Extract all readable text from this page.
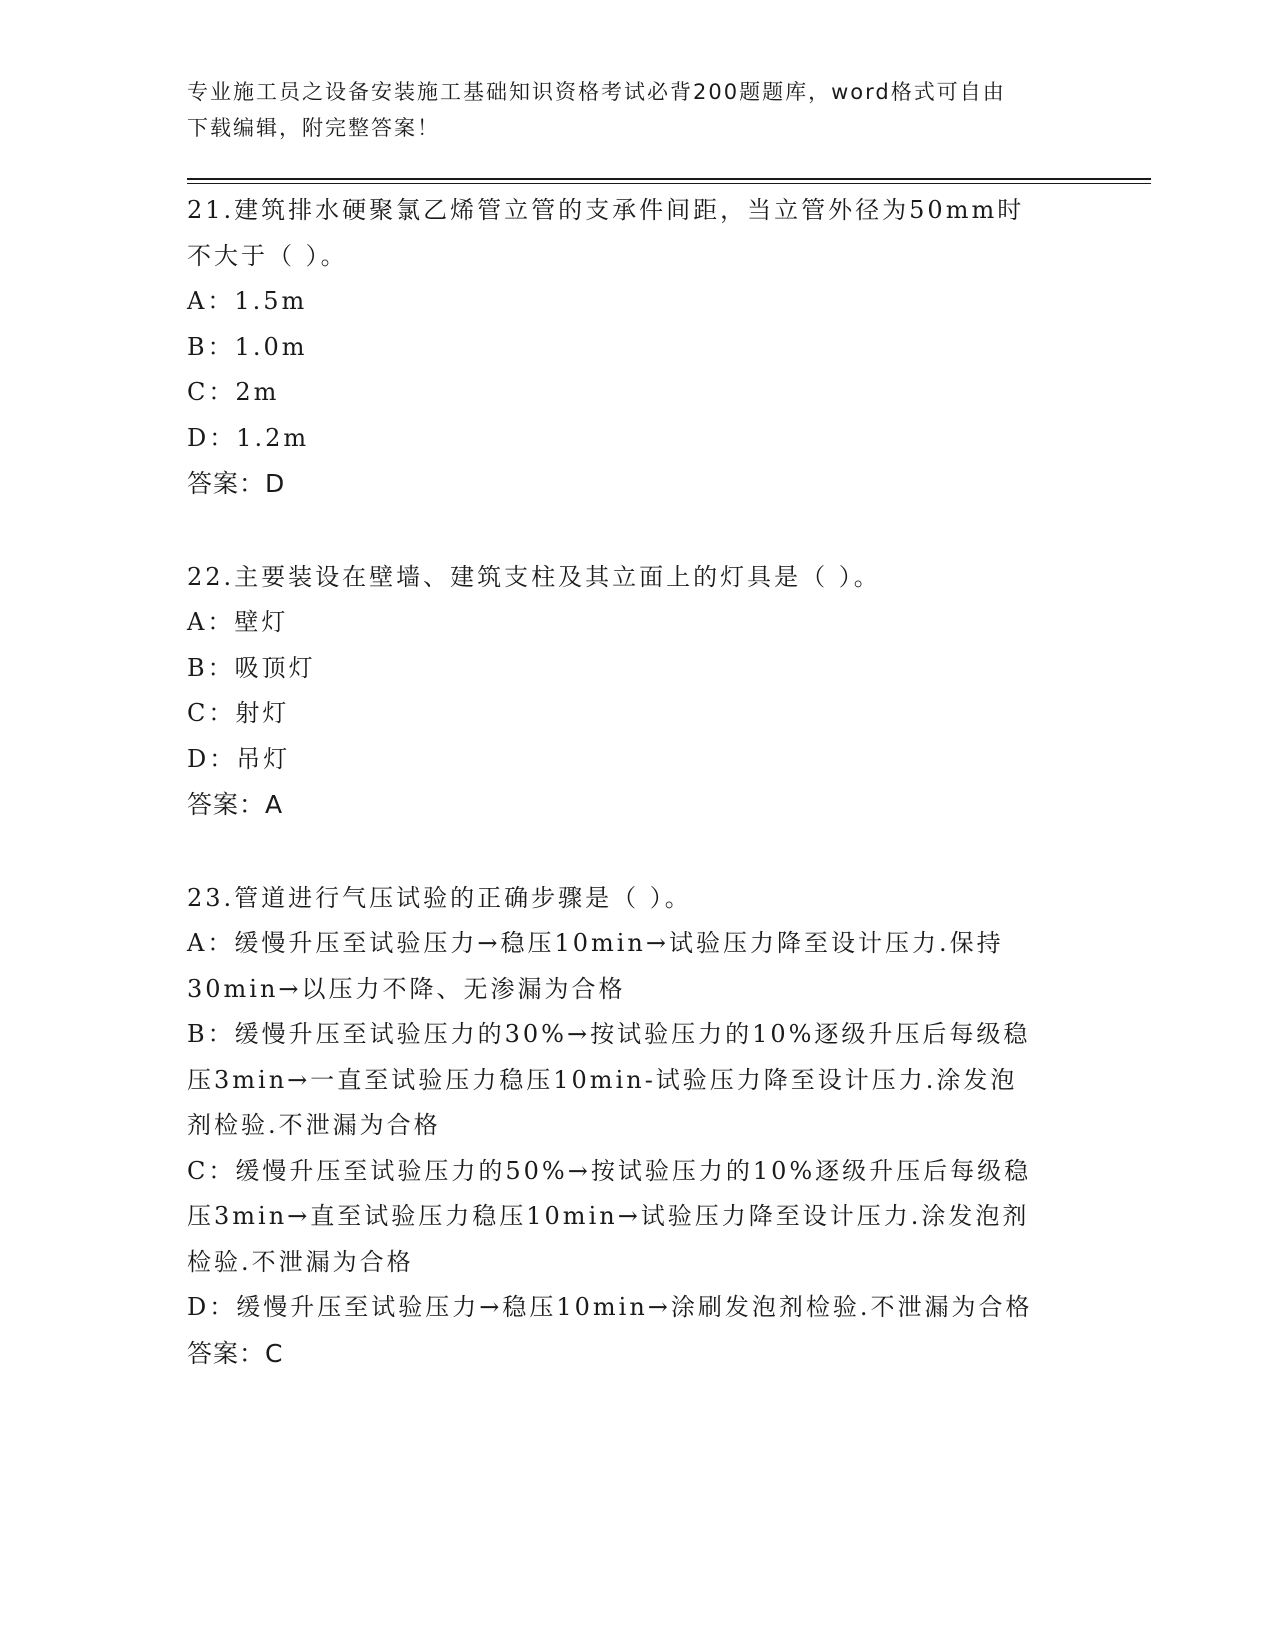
专业施工员之设备安装施工基础知识资格考试必背200题题库，word格式可自由
下载编辑，附完整答案！
21.建筑排水硬聚氯乙烯管立管的支承件间距，当立管外径为50mm时
不大于（ ）。
A：1.5m
B：1.0m
C：2m
D：1.2m
答案：D
22.主要装设在壁墙、建筑支柱及其立面上的灯具是（ ）。
A：壁灯
B：吸顶灯
C：射灯
D：吊灯
答案：A
23.管道进行气压试验的正确步骤是（ ）。
A：缓慢升压至试验压力→稳压10min→试验压力降至设计压力.保持
30min→以压力不降、无渗漏为合格
B：缓慢升压至试验压力的30%→按试验压力的10%逐级升压后每级稳
压3min→一直至试验压力稳压10min-试验压力降至设计压力.涂发泡
剂检验.不泄漏为合格
C：缓慢升压至试验压力的50%→按试验压力的10%逐级升压后每级稳
压3min→直至试验压力稳压10min→试验压力降至设计压力.涂发泡剂
检验.不泄漏为合格
D：缓慢升压至试验压力→稳压10min→涂刷发泡剂检验.不泄漏为合格
答案：C
